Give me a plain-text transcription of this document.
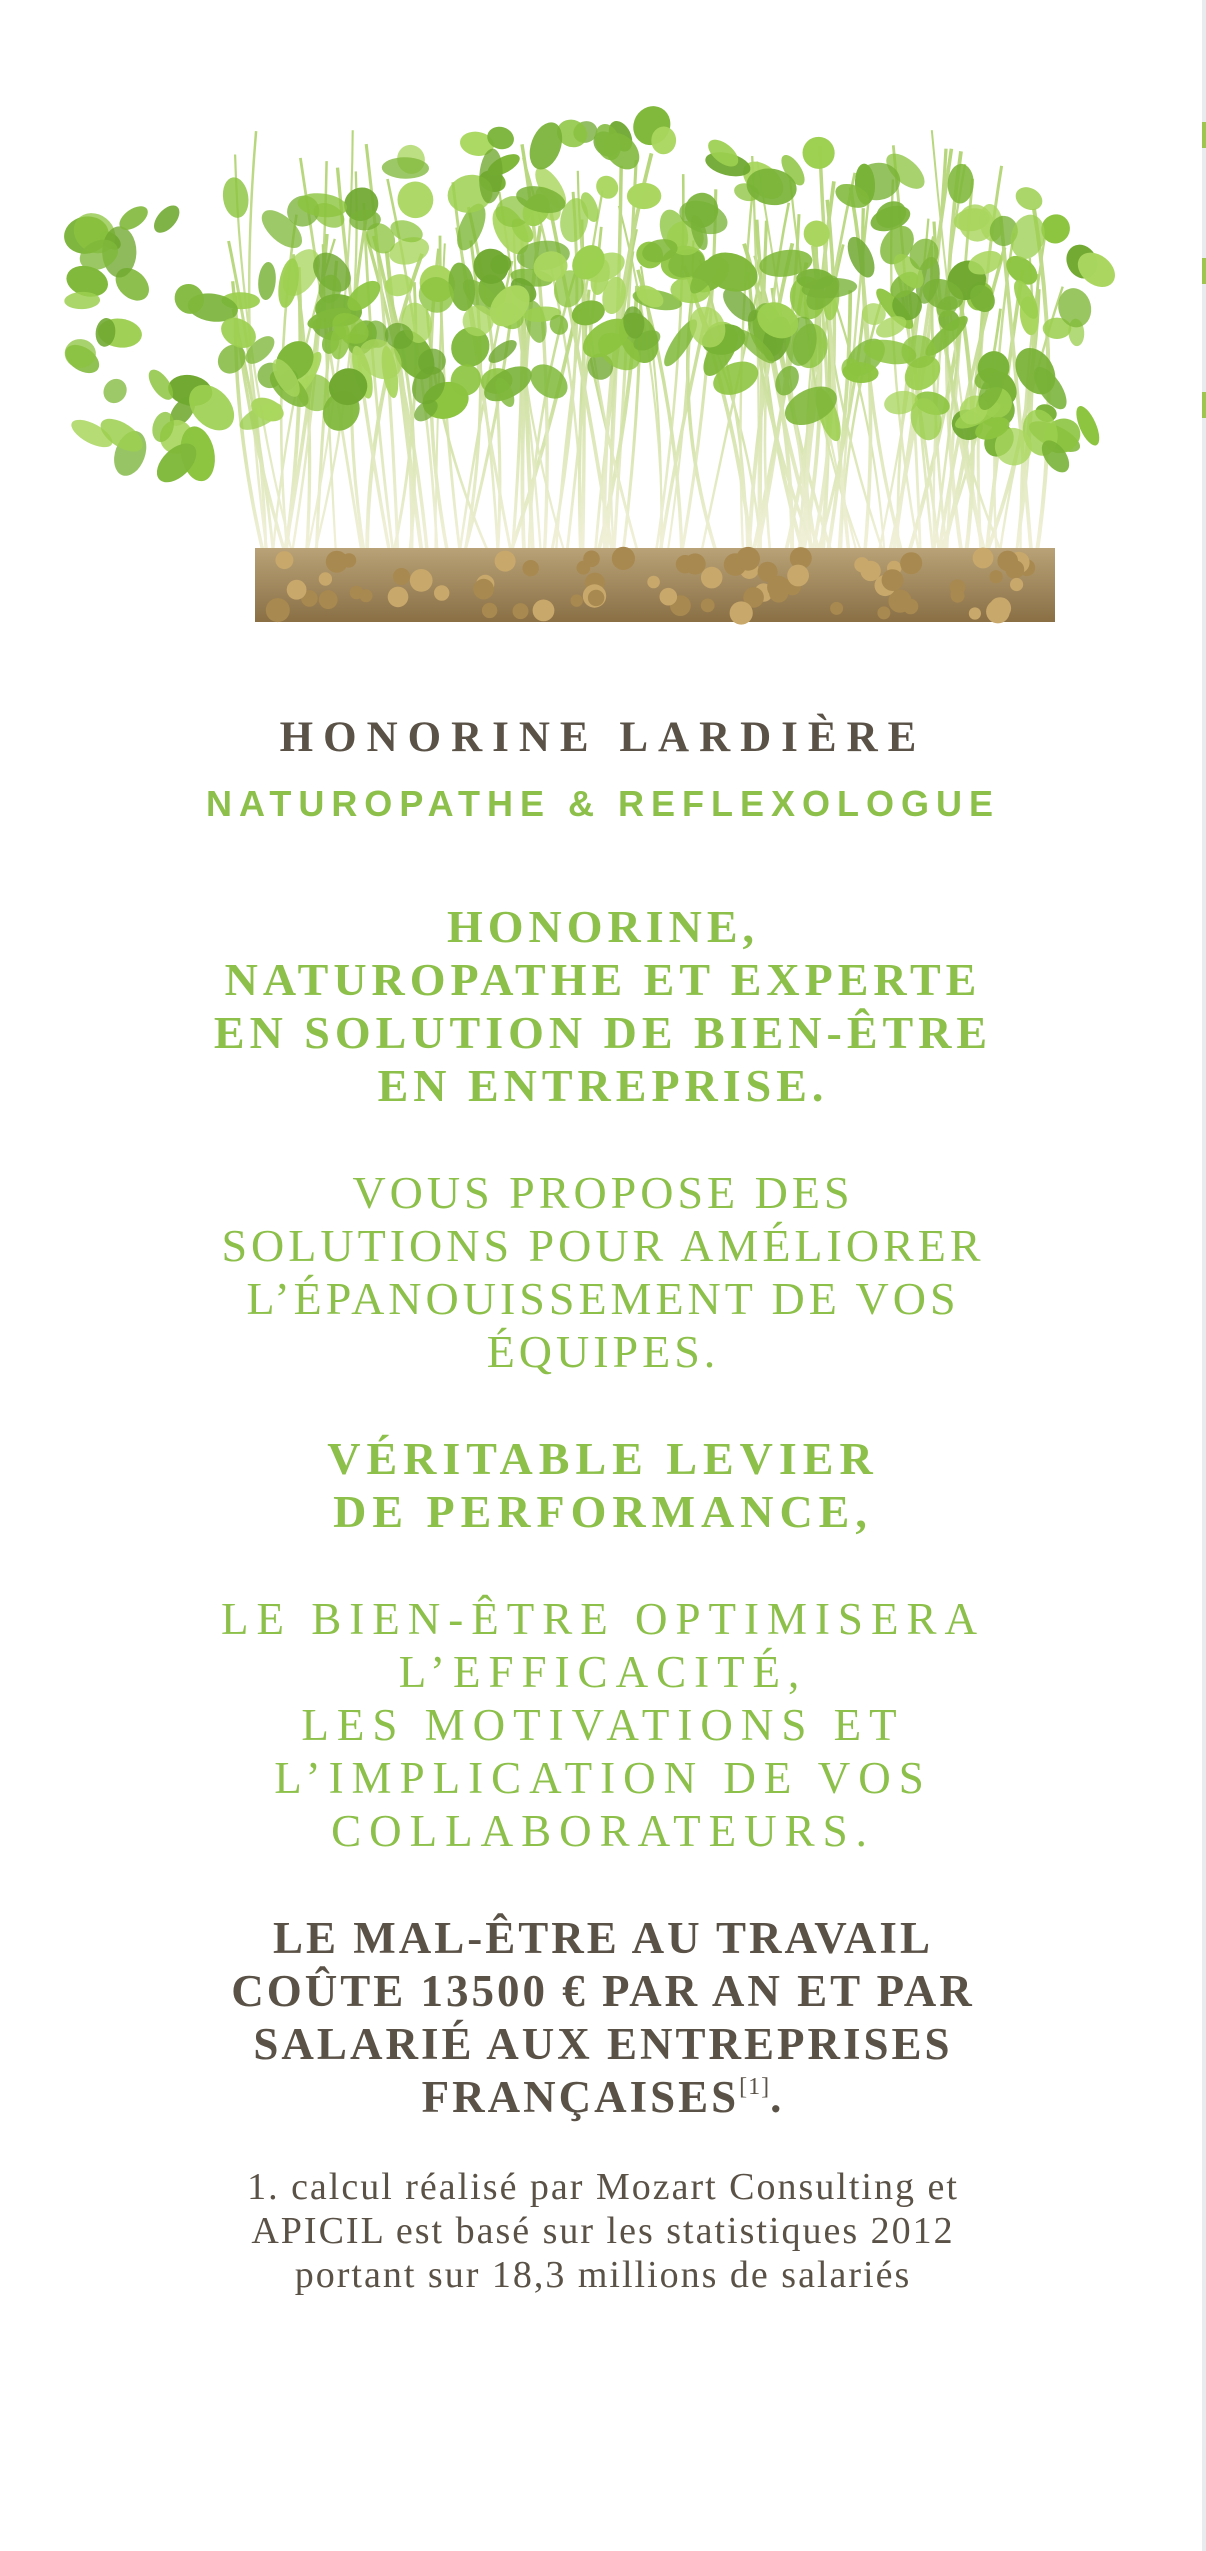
HONORINE LARDIÈRE
NATUROPATHE & REFLEXOLOGUE
HONORINE,
NATUROPATHE ET EXPERTE
EN SOLUTION DE BIEN-ÊTRE
EN ENTREPRISE.
VOUS PROPOSE DES
SOLUTIONS POUR AMÉLIORER
L’ÉPANOUISSEMENT DE VOS
ÉQUIPES.
VÉRITABLE LEVIER
DE PERFORMANCE,
LE BIEN-ÊTRE OPTIMISERA
L’EFFICACITÉ,
LES MOTIVATIONS ET
L’IMPLICATION DE VOS
COLLABORATEURS.
LE MAL-ÊTRE AU TRAVAIL
COÛTE 13500 € PAR AN ET PAR
SALARIÉ AUX ENTREPRISES
FRANÇAISES[1].
1. calcul réalisé par Mozart Consulting et
APICIL est basé sur les statistiques 2012
portant sur 18,3 millions de salariés
